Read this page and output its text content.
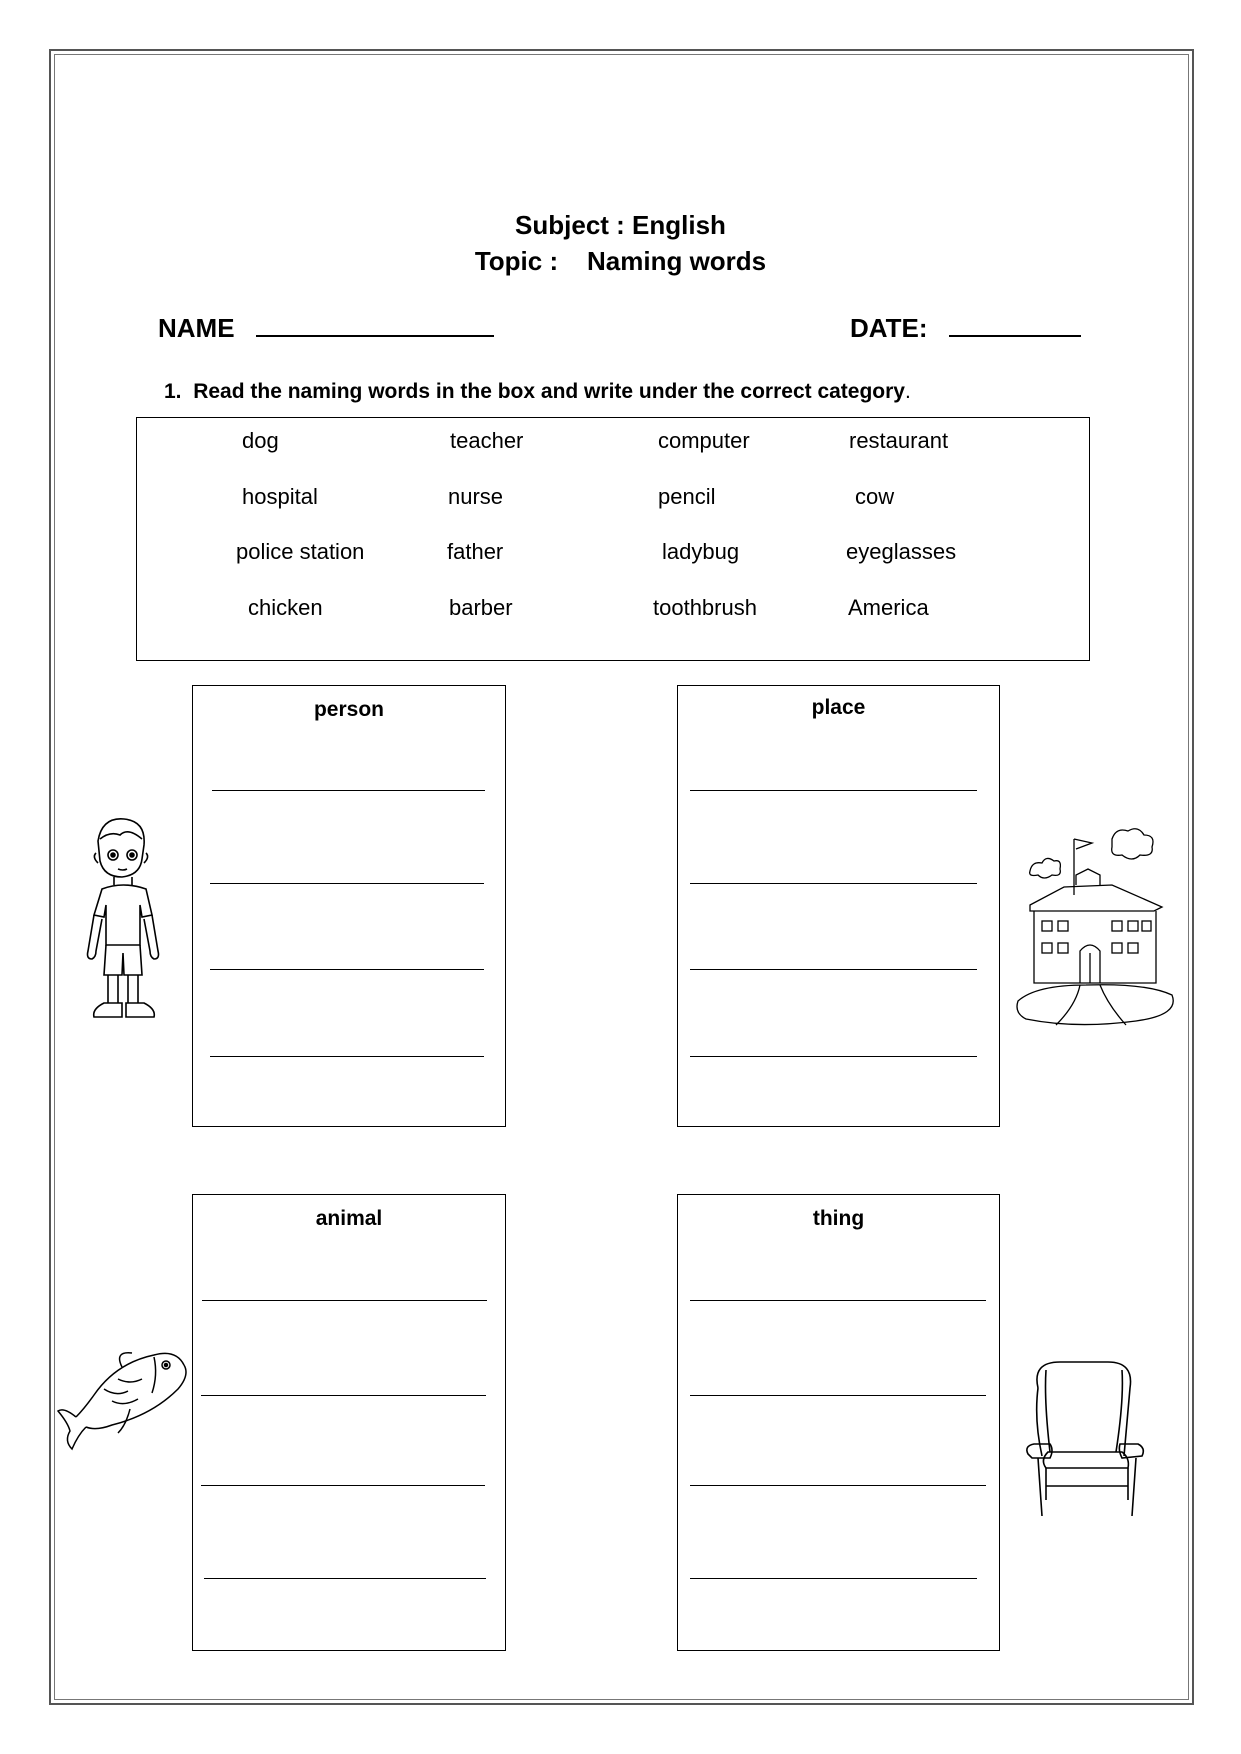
Subject : English
Topic : Naming words
NAME	DATE:
1. Read the naming words in the box and write under the correct category.
dog	teacher	computer	restaurant
hospital	nurse	pencil	cow
police station	father	ladybug	eyeglasses
chicken	barber	toothbrush	America
person	place
animal	thing
